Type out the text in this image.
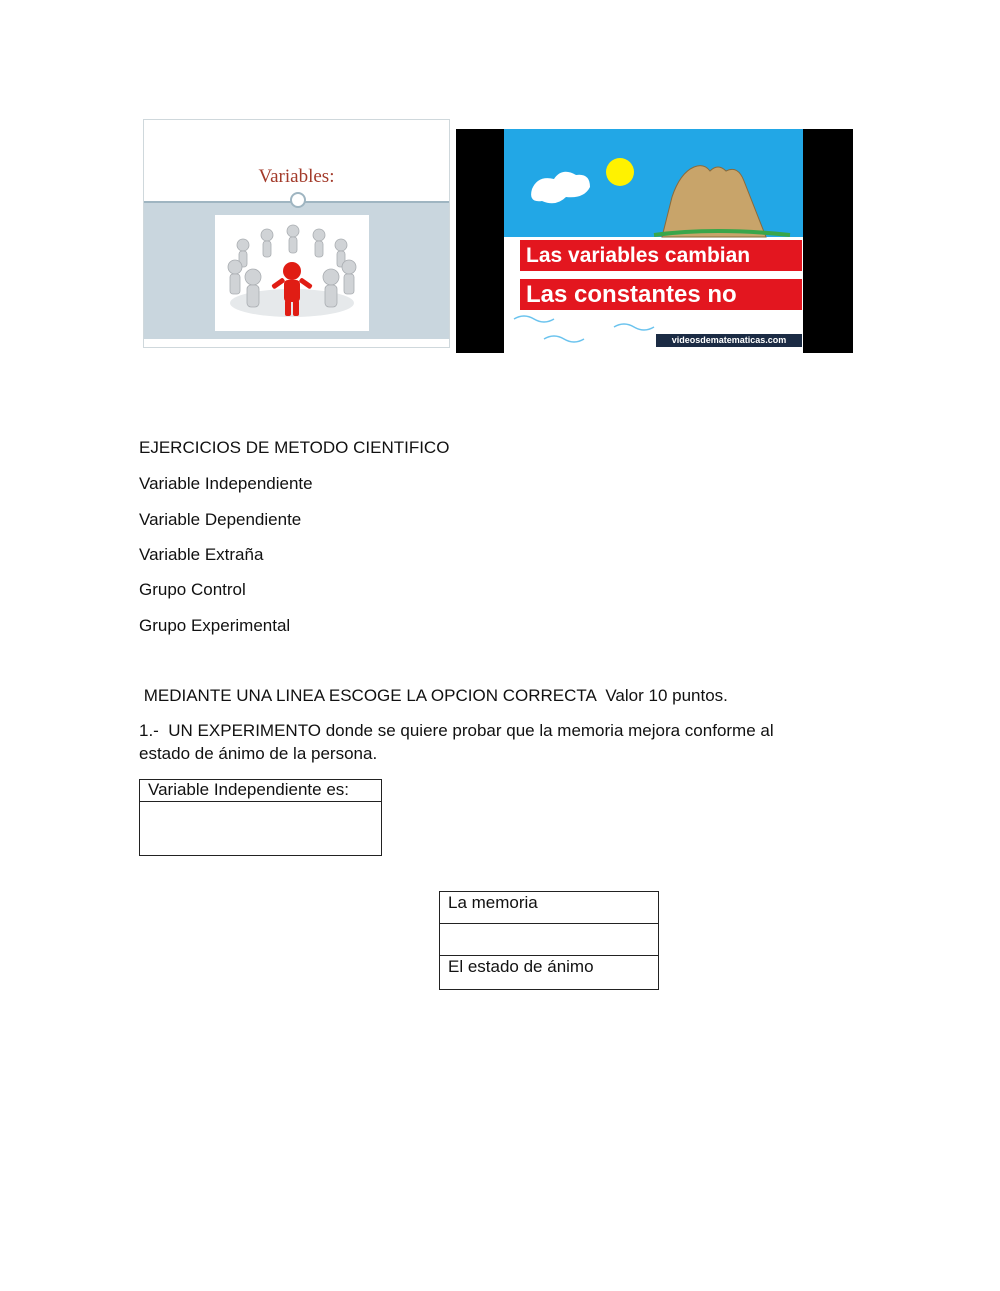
Variables:
Las variables cambian
Las constantes no
videosdematematicas.com
EJERCICIOS DE METODO CIENTIFICO
Variable Independiente
Variable Dependiente
Variable Extraña
Grupo Control
Grupo Experimental
MEDIANTE UNA LINEA ESCOGE LA OPCION CORRECTA  Valor 10 puntos.
1.-  UN EXPERIMENTO donde se quiere probar que la memoria mejora conforme al
estado de ánimo de la persona.
Variable Independiente es:
La memoria
El estado de ánimo
